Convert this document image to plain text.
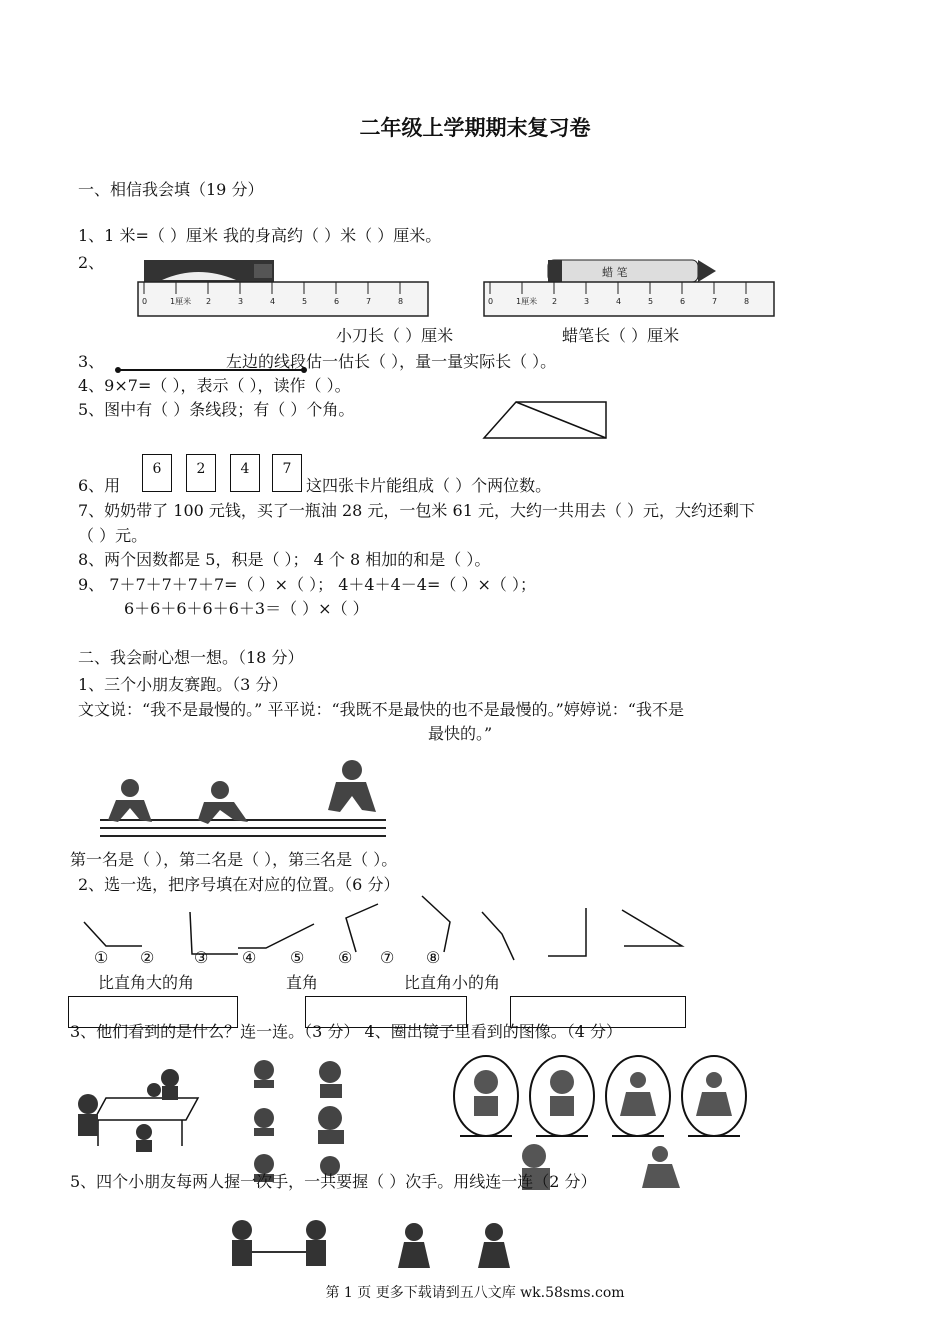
二年级上学期期末复习卷
一、相信我会填（19 分）
1、1 米=（ ）厘米 我的身高约（ ）米（ ）厘米。
2、
0	1厘米 2	3	4	5	6	7	8
蜡 笔
0	1厘米 2	3	4	5	6	7	8
小刀长（ ）厘米	蜡笔长（ ）厘米
3、	左边的线段估一估长（ ），量一量实际长（ ）。
4、9×7=（ ），表示（ ），读作（ ）。
5、图中有（ ）条线段；有（ ）个角。
6	2	4	7
6、用	这四张卡片能组成（ ）个两位数。
7、奶奶带了 100 元钱，买了一瓶油 28 元，一包米 61 元，大约一共用去（ ）元，大约还剩下
（ ）元。
8、两个因数都是 5，积是（ ）； 4 个 8 相加的和是（ ）。
9、 7＋7＋7＋7＋7=（ ）×（ ）； 4＋4＋4－4=（ ）×（ ）；
6＋6＋6＋6＋6＋3＝（ ）×（ ）
二、我会耐心想一想。（18 分）
1、三个小朋友赛跑。（3 分）
文文说：“我不是最慢的。” 平平说：“我既不是最快的也不是最慢的。”婷婷说：“我不是
最快的。”
第一名是（ ），第二名是（ ），第三名是（ ）。
2、选一选，把序号填在对应的位置。（6 分）
① ② ③ ④ ⑤ ⑥ ⑦ ⑧
比直角大的角	直角	比直角小的角
3、他们看到的是什么？连一连。（3 分） 4、圈出镜子里看到的图像。（4 分）
5、四个小朋友每两人握一次手，一共要握（ ）次手。用线连一连（2 分）
第 1 页 更多下载请到五八文库 wk.58sms.com
